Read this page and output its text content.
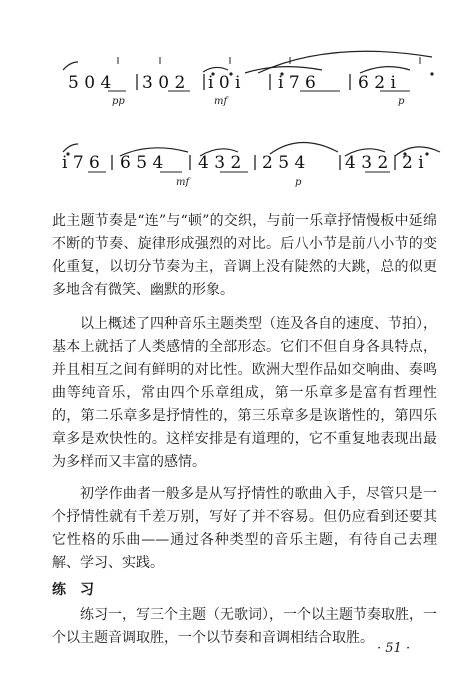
5 0 4 3 0 2 i 0 i i 7 6 6 2 i
pp	mf	p
i 7 6 6 5 4 4 3 2 2 5 4 4 3 2 2 i
mf	p

此主题节奏是“连”与“顿”的交织，与前一乐章抒情慢板中延绵不断的节奏、旋律形成强烈的对比。后八小节是前八小节的变化重复，以切分节奏为主，音调上没有陡然的大跳，总的似更多地含有微笑、幽默的形象。

以上概述了四种音乐主题类型（连及各自的速度、节拍），基本上就括了人类感情的全部形态。它们不但自身各具特点，并且相互之间有鲜明的对比性。欧洲大型作品如交响曲、奏鸣曲等纯音乐，常由四个乐章组成，第一乐章多是富有哲理性的，第二乐章多是抒情性的，第三乐章多是诙谐性的，第四乐章多是欢快性的。这样安排是有道理的，它不重复地表现出最为多样而又丰富的感情。

初学作曲者一般多是从写抒情性的歌曲入手，尽管只是一个抒情性就有千差万别，写好了并不容易。但仍应看到还要其它性格的乐曲——通过各种类型的音乐主题，有待自己去理解、学习、实践。

练　习

练习一，写三个主题（无歌词），一个以主题节奏取胜，一个以主题音调取胜，一个以节奏和音调相结合取胜。

· 51 ·
